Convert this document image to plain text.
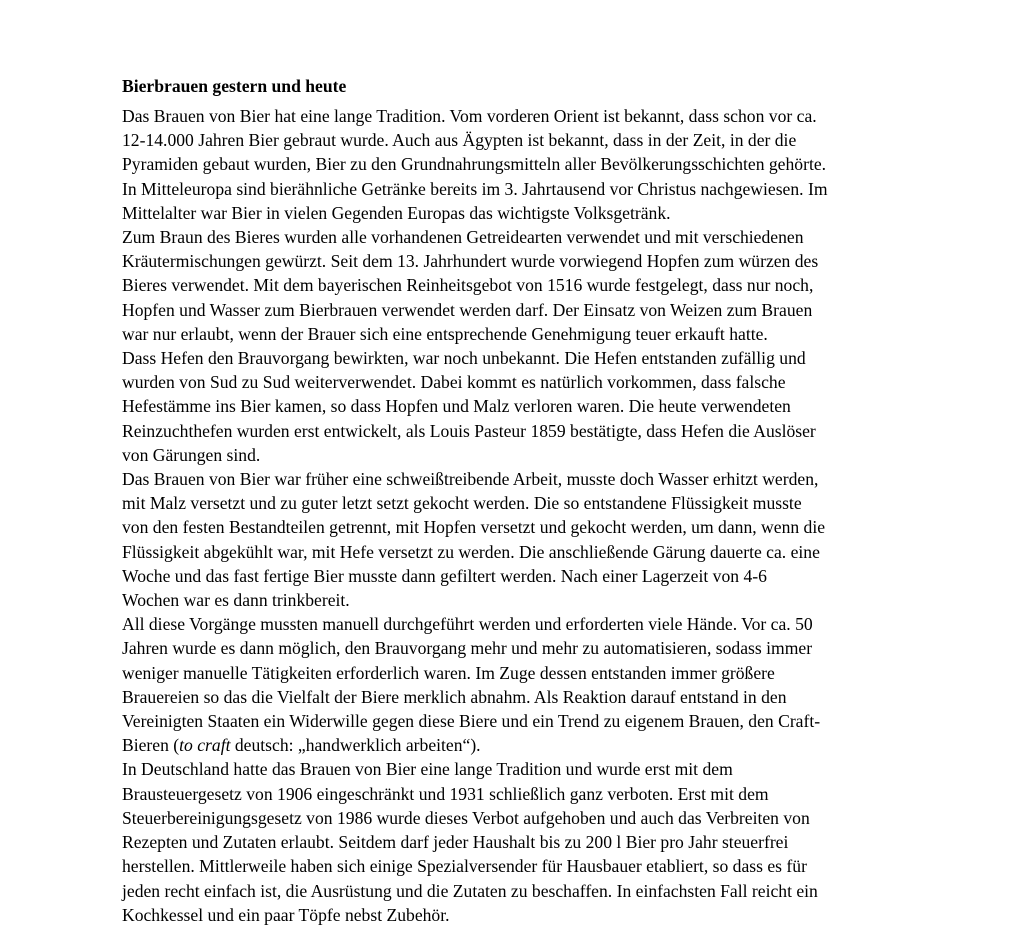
Bierbrauen gestern und heute
Das Brauen von Bier hat eine lange Tradition. Vom vorderen Orient ist bekannt, dass schon vor ca.
12-14.000 Jahren Bier gebraut wurde. Auch aus Ägypten ist bekannt, dass in der Zeit, in der die
Pyramiden gebaut wurden, Bier zu den Grundnahrungsmitteln aller Bevölkerungsschichten gehörte.
In Mitteleuropa sind bierähnliche Getränke bereits im 3. Jahrtausend vor Christus nachgewiesen. Im
Mittelalter war Bier in vielen Gegenden Europas das wichtigste Volksgetränk.
Zum Braun des Bieres wurden alle vorhandenen Getreidearten verwendet und mit verschiedenen
Kräutermischungen gewürzt. Seit dem 13. Jahrhundert wurde vorwiegend Hopfen zum würzen des
Bieres verwendet. Mit dem bayerischen Reinheitsgebot von 1516 wurde festgelegt, dass nur noch,
Hopfen und Wasser zum Bierbrauen verwendet werden darf. Der Einsatz von Weizen zum Brauen
war nur erlaubt, wenn der Brauer sich eine entsprechende Genehmigung teuer erkauft hatte.
Dass Hefen den Brauvorgang bewirkten, war noch unbekannt. Die Hefen entstanden zufällig und
wurden von Sud zu Sud weiterverwendet. Dabei kommt es natürlich vorkommen, dass falsche
Hefestämme ins Bier kamen, so dass Hopfen und Malz verloren waren. Die heute verwendeten
Reinzuchthefen wurden erst entwickelt, als Louis Pasteur 1859 bestätigte, dass Hefen die Auslöser
von Gärungen sind.
Das Brauen von Bier war früher eine schweißtreibende Arbeit, musste doch Wasser erhitzt werden,
mit Malz versetzt und zu guter letzt setzt gekocht werden. Die so entstandene Flüssigkeit musste
von den festen Bestandteilen getrennt, mit Hopfen versetzt und gekocht werden, um dann, wenn die
Flüssigkeit abgekühlt war, mit Hefe versetzt zu werden. Die anschließende Gärung dauerte ca. eine
Woche und das fast fertige Bier musste dann gefiltert werden. Nach einer Lagerzeit von 4-6
Wochen war es dann trinkbereit.
All diese Vorgänge mussten manuell durchgeführt werden und erforderten viele Hände. Vor ca. 50
Jahren wurde es dann möglich, den Brauvorgang mehr und mehr zu automatisieren, sodass immer
weniger manuelle Tätigkeiten erforderlich waren. Im Zuge dessen entstanden immer größere
Brauereien so das die Vielfalt der Biere merklich abnahm. Als Reaktion darauf entstand in den
Vereinigten Staaten ein Widerwille gegen diese Biere und ein Trend zu eigenem Brauen, den Craft-
Bieren (to craft deutsch: „handwerklich arbeiten“).
In Deutschland hatte das Brauen von Bier eine lange Tradition und wurde erst mit dem
Brausteuergesetz von 1906 eingeschränkt und 1931 schließlich ganz verboten. Erst mit dem
Steuerbereinigungsgesetz von 1986 wurde dieses Verbot aufgehoben und auch das Verbreiten von
Rezepten und Zutaten erlaubt. Seitdem darf jeder Haushalt bis zu 200 l Bier pro Jahr steuerfrei
herstellen. Mittlerweile haben sich einige Spezialversender für Hausbauer etabliert, so dass es für
jeden recht einfach ist, die Ausrüstung und die Zutaten zu beschaffen. In einfachsten Fall reicht ein
Kochkessel und ein paar Töpfe nebst Zubehör.
